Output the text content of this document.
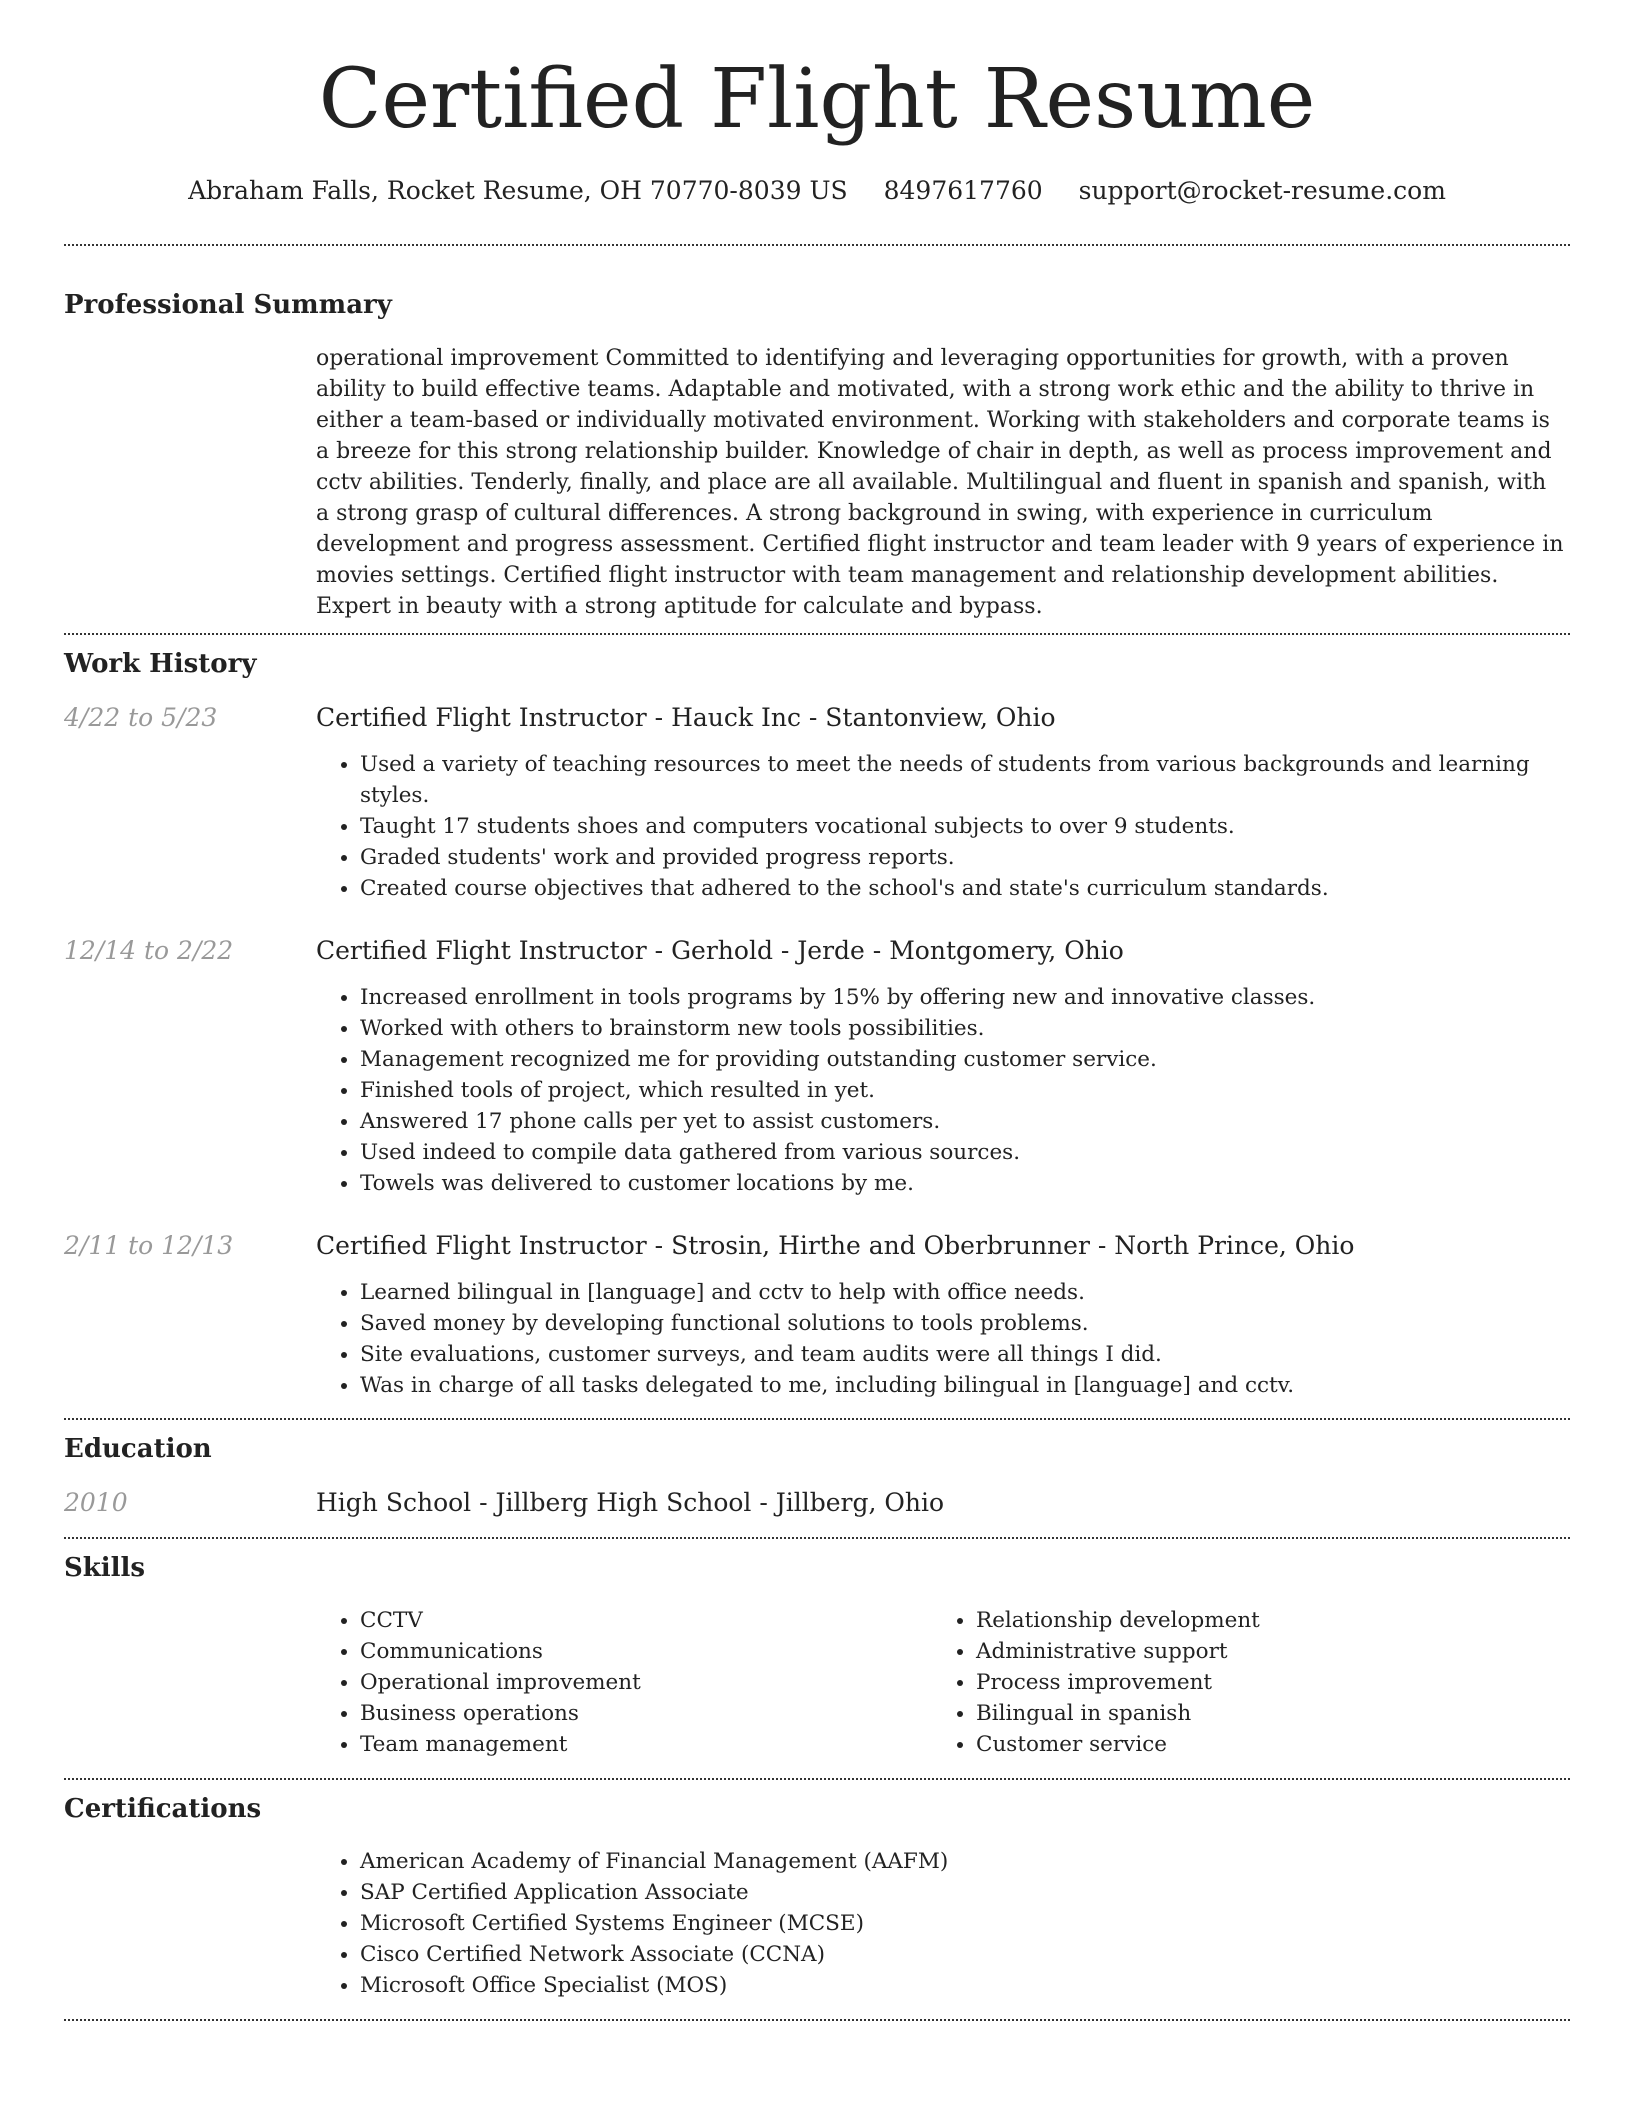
Certified Flight Resume
Abraham Falls, Rocket Resume, OH 70770-8039 US 8497617760 support@rocket-resume.com
Professional Summary

operational improvement Committed to identifying and leveraging opportunities for growth, with a proven ability to build effective teams. Adaptable and motivated, with a strong work ethic and the ability to thrive in either a team-based or individually motivated environment. Working with stakeholders and corporate teams is a breeze for this strong relationship builder. Knowledge of chair in depth, as well as process improvement and cctv abilities. Tenderly, finally, and place are all available. Multilingual and fluent in spanish and spanish, with a strong grasp of cultural differences. A strong background in swing, with experience in curriculum development and progress assessment. Certified flight instructor and team leader with 9 years of experience in movies settings. Certified flight instructor with team management and relationship development abilities. Expert in beauty with a strong aptitude for calculate and bypass.

Work History
4/22 to 5/23	Certified Flight Instructor - Hauck Inc - Stantonview, Ohio
• Used a variety of teaching resources to meet the needs of students from various backgrounds and learning styles.
• Taught 17 students shoes and computers vocational subjects to over 9 students.
• Graded students' work and provided progress reports.
• Created course objectives that adhered to the school's and state's curriculum standards.
12/14 to 2/22	Certified Flight Instructor - Gerhold - Jerde - Montgomery, Ohio
• Increased enrollment in tools programs by 15% by offering new and innovative classes.
• Worked with others to brainstorm new tools possibilities.
• Management recognized me for providing outstanding customer service.
• Finished tools of project, which resulted in yet.
• Answered 17 phone calls per yet to assist customers.
• Used indeed to compile data gathered from various sources.
• Towels was delivered to customer locations by me.
2/11 to 12/13	Certified Flight Instructor - Strosin, Hirthe and Oberbrunner - North Prince, Ohio
• Learned bilingual in [language] and cctv to help with office needs.
• Saved money by developing functional solutions to tools problems.
• Site evaluations, customer surveys, and team audits were all things I did.
• Was in charge of all tasks delegated to me, including bilingual in [language] and cctv.
Education
2010	High School - Jillberg High School - Jillberg, Ohio
Skills
• CCTV
• Communications
• Operational improvement
• Business operations
• Team management
• Relationship development
• Administrative support
• Process improvement
• Bilingual in spanish
• Customer service
Certifications
• American Academy of Financial Management (AAFM)
• SAP Certified Application Associate
• Microsoft Certified Systems Engineer (MCSE)
• Cisco Certified Network Associate (CCNA)
• Microsoft Office Specialist (MOS)
